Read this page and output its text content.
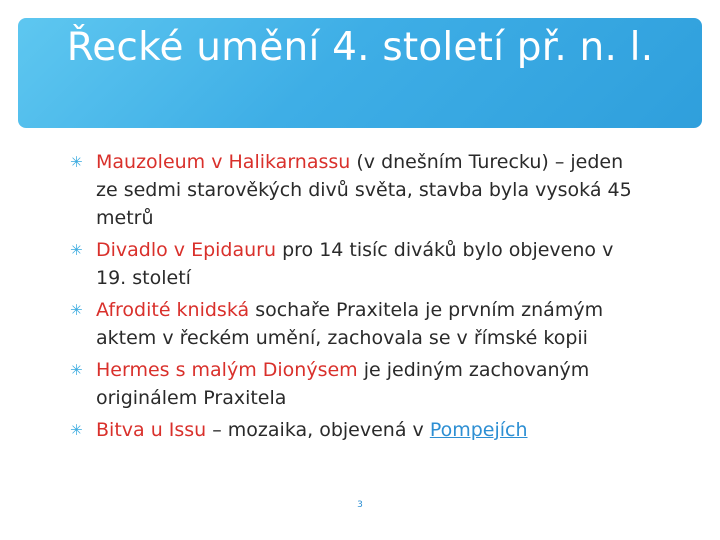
Řecké umění 4. století př. n. l.
✳ Mauzoleum v Halikarnassu (v dnešním Turecku) – jeden ze sedmi starověkých divů světa, stavba byla vysoká 45 metrů
✳ Divadlo v Epidauru pro 14 tisíc diváků bylo objeveno v 19. století
✳ Afrodité knidská sochaře Praxitela je prvním známým aktem v řeckém umění, zachovala se v římské kopii
✳ Hermes s malým Dionýsem je jediným zachovaným originálem Praxitela
✳ Bitva u Issu – mozaika, objevená v Pompejích
3
